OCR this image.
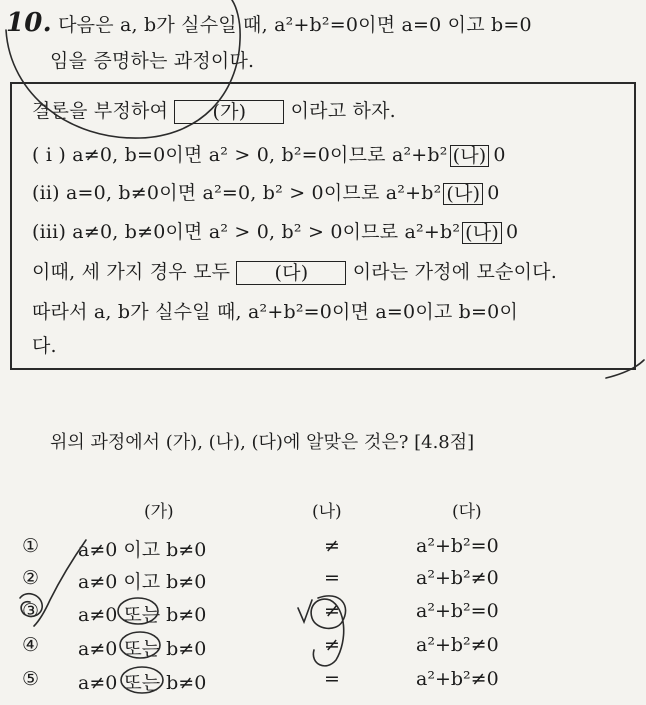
10. 다음은 a, b가 실수일 때, a²+b²=0이면 a=0 이고 b=0
임을 증명하는 과정이다.
결론을 부정하여 (가) 이라고 하자.
( i ) a≠0, b=0이면 a² > 0, b²=0이므로 a²+b² (나) 0
(ii) a=0, b≠0이면 a²=0, b² > 0이므로 a²+b² (나) 0
(iii) a≠0, b≠0이면 a² > 0, b² > 0이므로 a²+b² (나) 0
이때, 세 가지 경우 모두 (다) 이라는 가정에 모순이다.
따라서 a, b가 실수일 때, a²+b²=0이면 a=0이고 b=0이
다.
위의 과정에서 (가), (나), (다)에 알맞은 것은? [4.8점]
(가)	(나)	(다)
① a≠0 이고 b≠0	≠	a²+b²=0
② a≠0 이고 b≠0	=	a²+b²≠0
③ a≠0 또는 b≠0	≠	a²+b²=0
④ a≠0 또는 b≠0	≠	a²+b²≠0
⑤ a≠0 또는 b≠0	=	a²+b²≠0
